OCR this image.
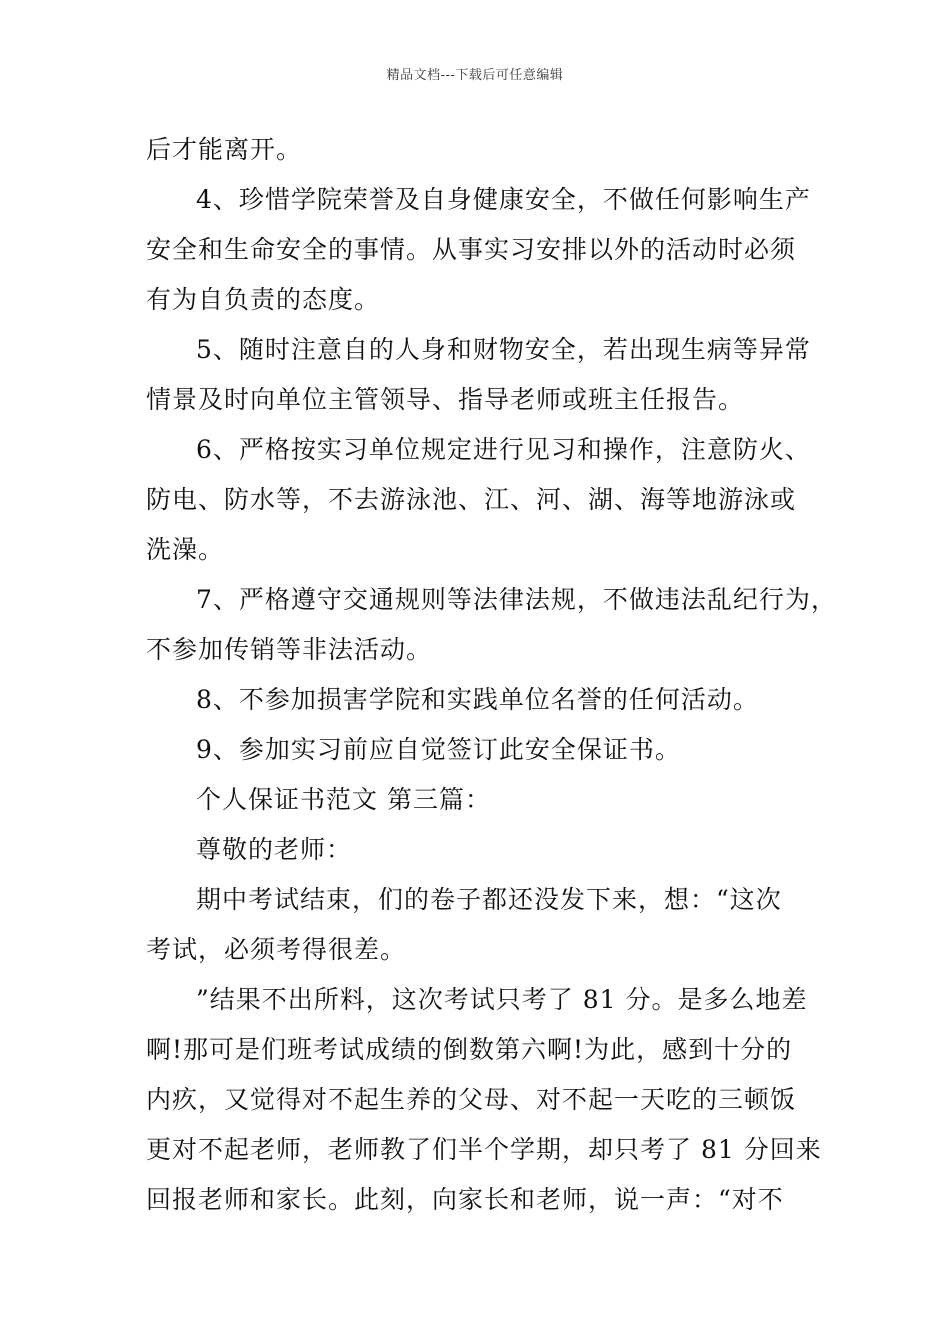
精品文档---下载后可任意编辑
后才能离开。
4、珍惜学院荣誉及自身健康安全，不做任何影响生产
安全和生命安全的事情。从事实习安排以外的活动时必须
有为自负责的态度。
5、随时注意自的人身和财物安全，若出现生病等异常
情景及时向单位主管领导、指导老师或班主任报告。
6、严格按实习单位规定进行见习和操作，注意防火、
防电、防水等，不去游泳池、江、河、湖、海等地游泳或
洗澡。
7、严格遵守交通规则等法律法规，不做违法乱纪行为，
不参加传销等非法活动。
8、不参加损害学院和实践单位名誉的任何活动。
9、参加实习前应自觉签订此安全保证书。
个人保证书范文 第三篇：
尊敬的老师：
期中考试结束，们的卷子都还没发下来，想：“这次
考试，必须考得很差。
”结果不出所料，这次考试只考了 81 分。是多么地差
啊!那可是们班考试成绩的倒数第六啊!为此，感到十分的
内疚，又觉得对不起生养的父母、对不起一天吃的三顿饭
更对不起老师，老师教了们半个学期，却只考了 81 分回来
回报老师和家长。此刻，向家长和老师，说一声：“对不
